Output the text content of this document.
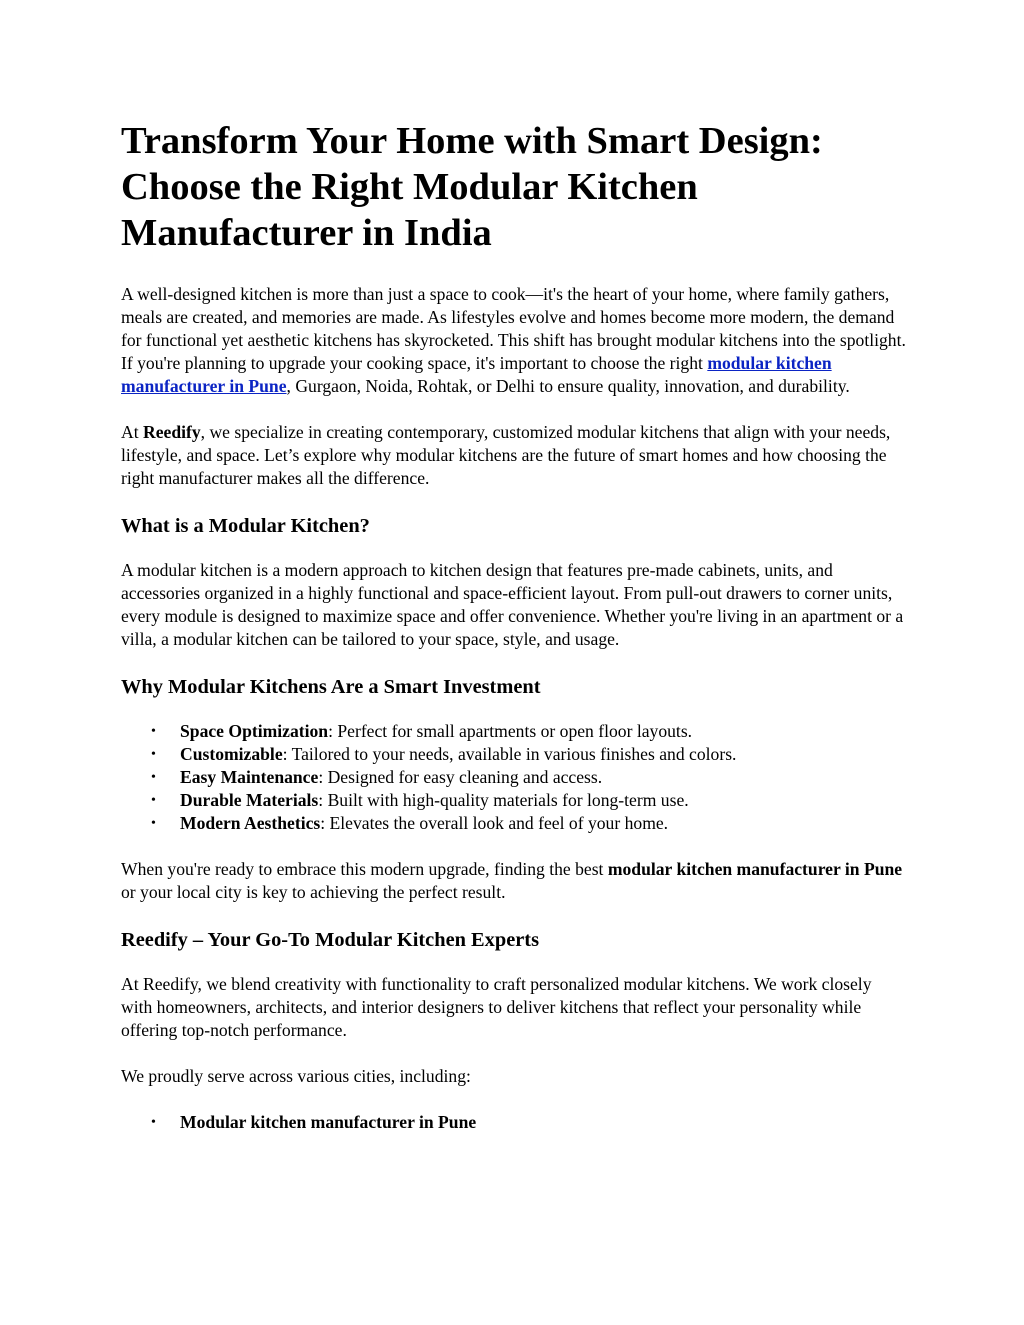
Transform Your Home with Smart Design: Choose the Right Modular Kitchen Manufacturer in India

A well-designed kitchen is more than just a space to cook—it's the heart of your home, where family gathers, meals are created, and memories are made. As lifestyles evolve and homes become more modern, the demand for functional yet aesthetic kitchens has skyrocketed. This shift has brought modular kitchens into the spotlight. If you're planning to upgrade your cooking space, it's important to choose the right modular kitchen manufacturer in Pune, Gurgaon, Noida, Rohtak, or Delhi to ensure quality, innovation, and durability.

At Reedify, we specialize in creating contemporary, customized modular kitchens that align with your needs, lifestyle, and space. Let’s explore why modular kitchens are the future of smart homes and how choosing the right manufacturer makes all the difference.

What is a Modular Kitchen?

A modular kitchen is a modern approach to kitchen design that features pre-made cabinets, units, and accessories organized in a highly functional and space-efficient layout. From pull-out drawers to corner units, every module is designed to maximize space and offer convenience. Whether you're living in an apartment or a villa, a modular kitchen can be tailored to your space, style, and usage.

Why Modular Kitchens Are a Smart Investment
• Space Optimization: Perfect for small apartments or open floor layouts.
• Customizable: Tailored to your needs, available in various finishes and colors.
• Easy Maintenance: Designed for easy cleaning and access.
• Durable Materials: Built with high-quality materials for long-term use.
• Modern Aesthetics: Elevates the overall look and feel of your home.

When you're ready to embrace this modern upgrade, finding the best modular kitchen manufacturer in Pune or your local city is key to achieving the perfect result.

Reedify – Your Go-To Modular Kitchen Experts

At Reedify, we blend creativity with functionality to craft personalized modular kitchens. We work closely with homeowners, architects, and interior designers to deliver kitchens that reflect your personality while offering top-notch performance.

We proudly serve across various cities, including:

• Modular kitchen manufacturer in Pune
